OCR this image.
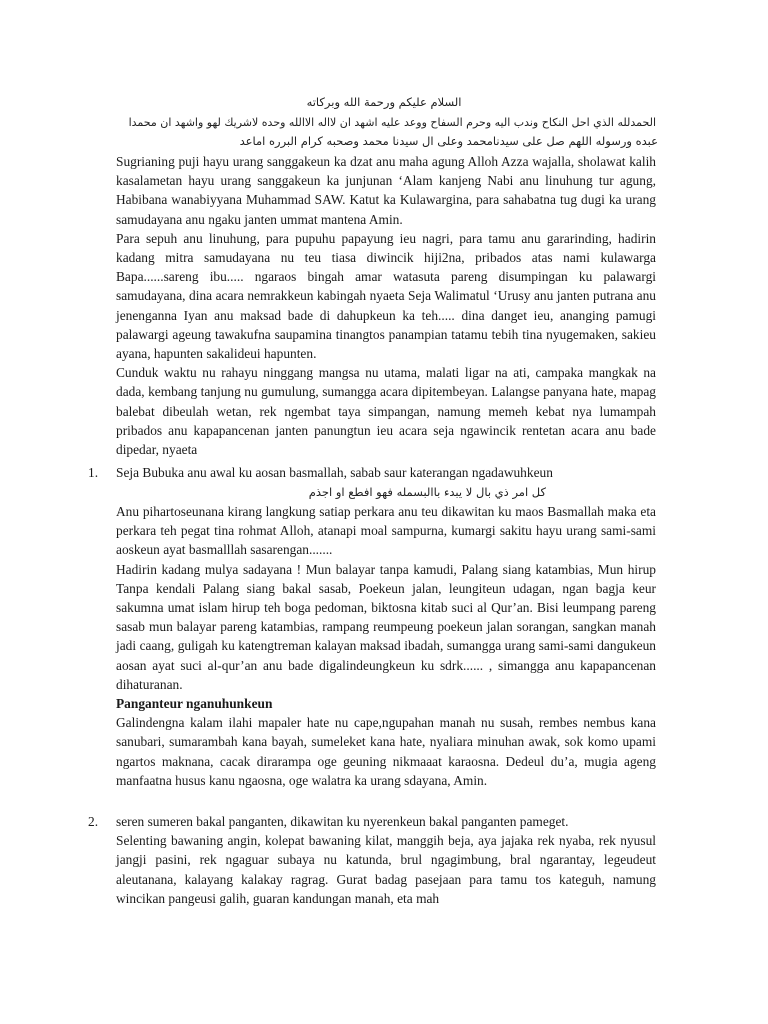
السلام عليكم ورحمة الله وبركاته
الحمدلله الذي احل النكاح وندب اليه وحرم السفاح ووعد عليه اشهد ان لااله الاالله وحده لاشريك لهو واشهد ان محمدا
عبده ورسوله اللهم صل على سيدنامحمد وعلى ال سيدنا محمد وصحبه كرام البرره اماعد

Sugrianing puji hayu urang sanggakeun ka dzat anu maha agung Alloh Azza wajalla, sholawat kalih kasalametan hayu urang sanggakeun ka junjunan ‘Alam kanjeng Nabi anu linuhung tur agung, Habibana wanabiyyana Muhammad SAW. Katut ka Kulawargina, para sahabatna tug dugi ka urang samudayana anu ngaku janten ummat mantena Amin.

Para sepuh anu linuhung, para pupuhu papayung ieu nagri, para tamu anu gararinding, hadirin kadang mitra samudayana nu teu tiasa diwincik hiji2na, pribados atas nami kulawarga Bapa......sareng ibu..... ngaraos bingah amar watasuta pareng disumpingan ku palawargi samudayana, dina acara nemrakkeun kabingah nyaeta Seja Walimatul ‘Urusy anu janten putrana anu jenenganna Iyan anu maksad bade di dahupkeun ka teh..... dina danget ieu, ananging pamugi palawargi ageung tawakufna saupamina tinangtos panampian tatamu tebih tina nyugemaken, sakieu ayana, hapunten sakalideui hapunten.

Cunduk waktu nu rahayu ninggang mangsa nu utama, malati ligar na ati, campaka mangkak na dada, kembang tanjung nu gumulung, sumangga acara dipitembeyan. Lalangse panyana hate, mapag balebat dibeulah wetan, rek ngembat taya simpangan, namung memeh kebat nya lumampah pribados anu kapapancenan janten panungtun ieu acara seja ngawincik rentetan acara anu bade dipedar, nyaeta

1. Seja Bubuka anu awal ku aosan basmallah, sabab saur katerangan ngadawuhkeun
كل امر ذي بال لا يبدء باالبسمله فهو افطع او اجذم

Anu pihartoseunana kirang langkung satiap perkara anu teu dikawitan ku maos Basmallah maka eta perkara teh pegat tina rohmat Alloh, atanapi moal sampurna, kumargi sakitu hayu urang sami-sami aoskeun ayat basmalllah sasarengan.......

Hadirin kadang mulya sadayana ! Mun balayar tanpa kamudi, Palang siang katambias, Mun hirup Tanpa kendali Palang siang bakal sasab, Poekeun jalan, leungiteun udagan, ngan bagja keur sakumna umat islam hirup teh boga pedoman, biktosna kitab suci al Qur’an. Bisi leumpang pareng sasab mun balayar pareng katambias, rampang reumpeung poekeun jalan sorangan, sangkan manah jadi caang, guligah ku katengtreman kalayan maksad ibadah, sumangga urang sami-sami dangukeun aosan ayat suci al-qur’an anu bade digalindeungkeun ku sdrk...... , simangga anu kapapancenan dihaturanan.

Panganteur nganuhunkeun

Galindengna kalam ilahi mapaler hate nu cape,ngupahan manah nu susah, rembes nembus kana sanubari, sumarambah kana bayah, sumeleket kana hate, nyaliara minuhan awak, sok komo upami ngartos maknana, cacak dirarampa oge geuning nikmaaat karaosna. Dedeul du’a, mugia ageng manfaatna husus kanu ngaosna, oge walatra ka urang sdayana, Amin.

2. seren sumeren bakal panganten, dikawitan ku nyerenkeun bakal panganten pameget.

Selenting bawaning angin, kolepat bawaning kilat, manggih beja, aya jajaka rek nyaba, rek nyusul jangji pasini, rek ngaguar subaya nu katunda, brul ngagimbung, bral ngarantay, legeudeut aleutanana, kalayang kalakay ragrag. Gurat badag pasejaan para tamu tos kateguh, namung wincikan pangeusi galih, guaran kandungan manah, eta mah
